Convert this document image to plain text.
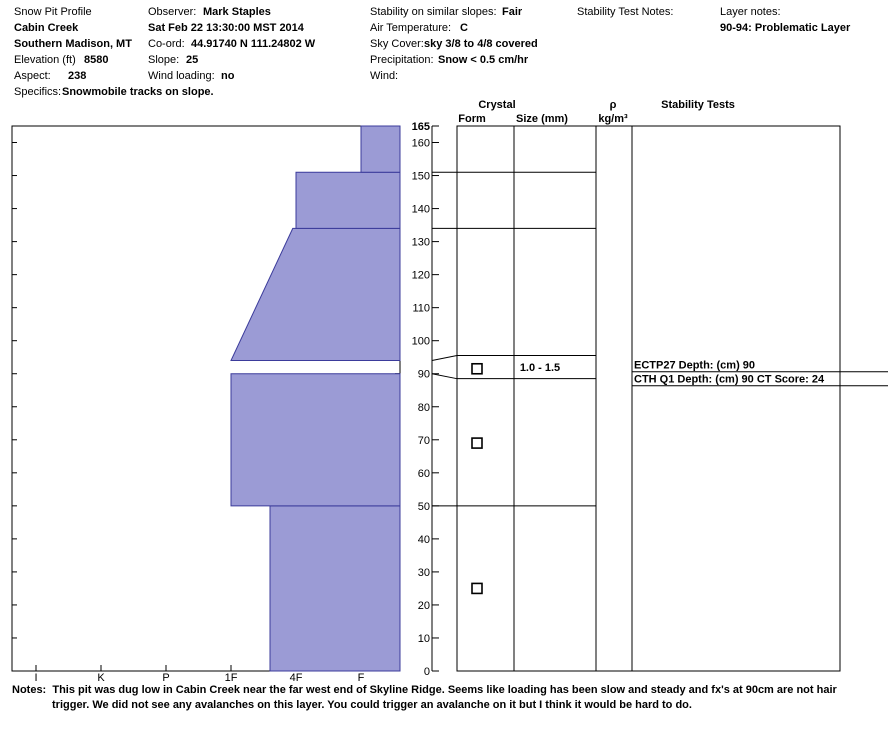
Snow Pit Profile
Cabin Creek
Southern Madison, MT
Elevation (ft) 8580
Aspect: 238
Specifics: Snowmobile tracks on slope.
Observer: Mark Staples
Sat Feb 22 13:30:00 MST 2014
Co-ord: 44.91740 N 111.24802 W
Slope: 25
Wind loading: no
Stability on similar slopes: Fair
Air Temperature: C
Sky Cover: sky 3/8 to 4/8 covered
Precipitation: Snow < 0.5 cm/hr
Wind:
Stability Test Notes:	Layer notes:
90-94: Problematic Layer
I	K	P	1F	4F	F	0
10
20
30
40
50
60
70
80
90
100
110
120
130
140
150
160
165
Crystal
Form	Size (mm)
ρ
kg/m³
Stability Tests
ECTP27 Depth: (cm) 90
CTH Q1 Depth: (cm) 90 CT Score: 24
1.0 - 1.5
Notes: This pit was dug low in Cabin Creek near the far west end of Skyline Ridge. Seems like loading has been slow and steady and fx's at 90cm are not hair
trigger. We did not see any avalanches on this layer. You could trigger an avalanche on it but I think it would be hard to do.
